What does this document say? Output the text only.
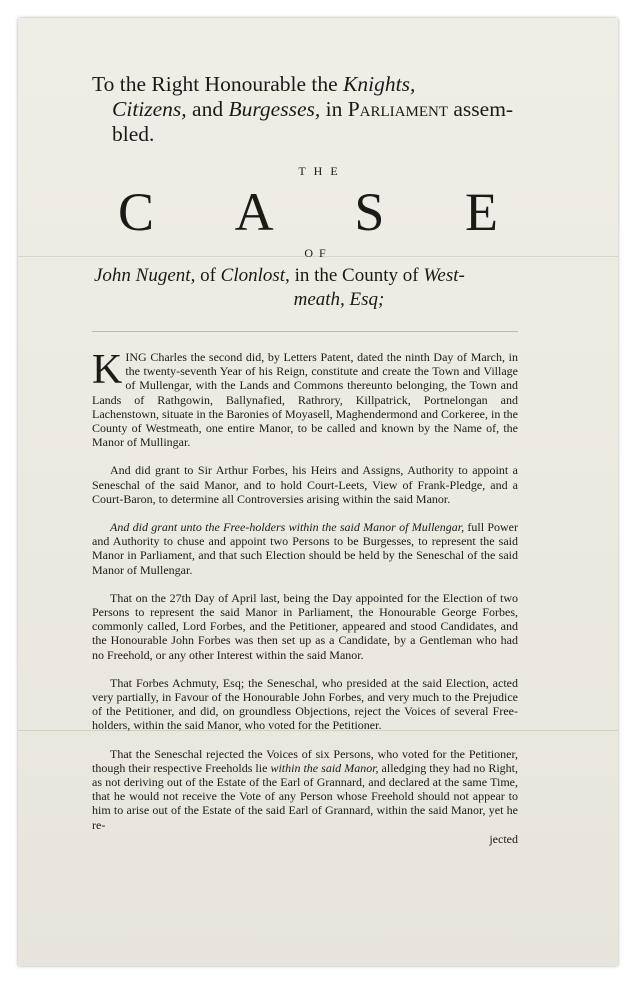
To the Right Honourable the Knights,
Citizens, and Burgesses, in Parliament assem-
bled.
THE
C A S E
OF
John Nugent, of Clonlost, in the County of West-
meath, Esq;

KING Charles the second did, by Letters Patent, dated the ninth Day of March, in the twenty-seventh Year of his Reign, constitute and create the Town and Village of Mullengar, with the Lands and Commons thereunto belonging, the Town and Lands of Rathgowin, Ballynafied, Rathrory, Killpatrick, Portnelongan and Lachenstown, situate in the Baronies of Moyasell, Maghendermond and Corkeree, in the County of Westmeath, one entire Manor, to be called and known by the Name of, the Manor of Mullingar.

And did grant to Sir Arthur Forbes, his Heirs and Assigns, Authority to appoint a Seneschal of the said Manor, and to hold Court-Leets, View of Frank-Pledge, and a Court-Baron, to determine all Controversies arising within the said Manor.

And did grant unto the Free-holders within the said Manor of Mullengar, full Power and Authority to chuse and appoint two Persons to be Burgesses, to represent the said Manor in Parliament, and that such Election should be held by the Seneschal of the said Manor of Mullengar.

That on the 27th Day of April last, being the Day appointed for the Election of two Persons to represent the said Manor in Parliament, the Honourable George Forbes, commonly called, Lord Forbes, and the Petitioner, appeared and stood Candidates, and the Honourable John Forbes was then set up as a Candidate, by a Gentleman who had no Freehold, or any other Interest within the said Manor.

That Forbes Achmuty, Esq; the Seneschal, who presided at the said Election, acted very partially, in Favour of the Honourable John Forbes, and very much to the Prejudice of the Petitioner, and did, on groundless Objections, reject the Voices of several Free-holders, within the said Manor, who voted for the Petitioner.

That the Seneschal rejected the Voices of six Persons, who voted for the Petitioner, though their respective Freeholds lie within the said Manor, alledging they had no Right, as not deriving out of the Estate of the Earl of Grannard, and declared at the same Time, that he would not receive the Vote of any Person whose Freehold should not appear to him to arise out of the Estate of the said Earl of Grannard, within the said Manor, yet he re-

jected
